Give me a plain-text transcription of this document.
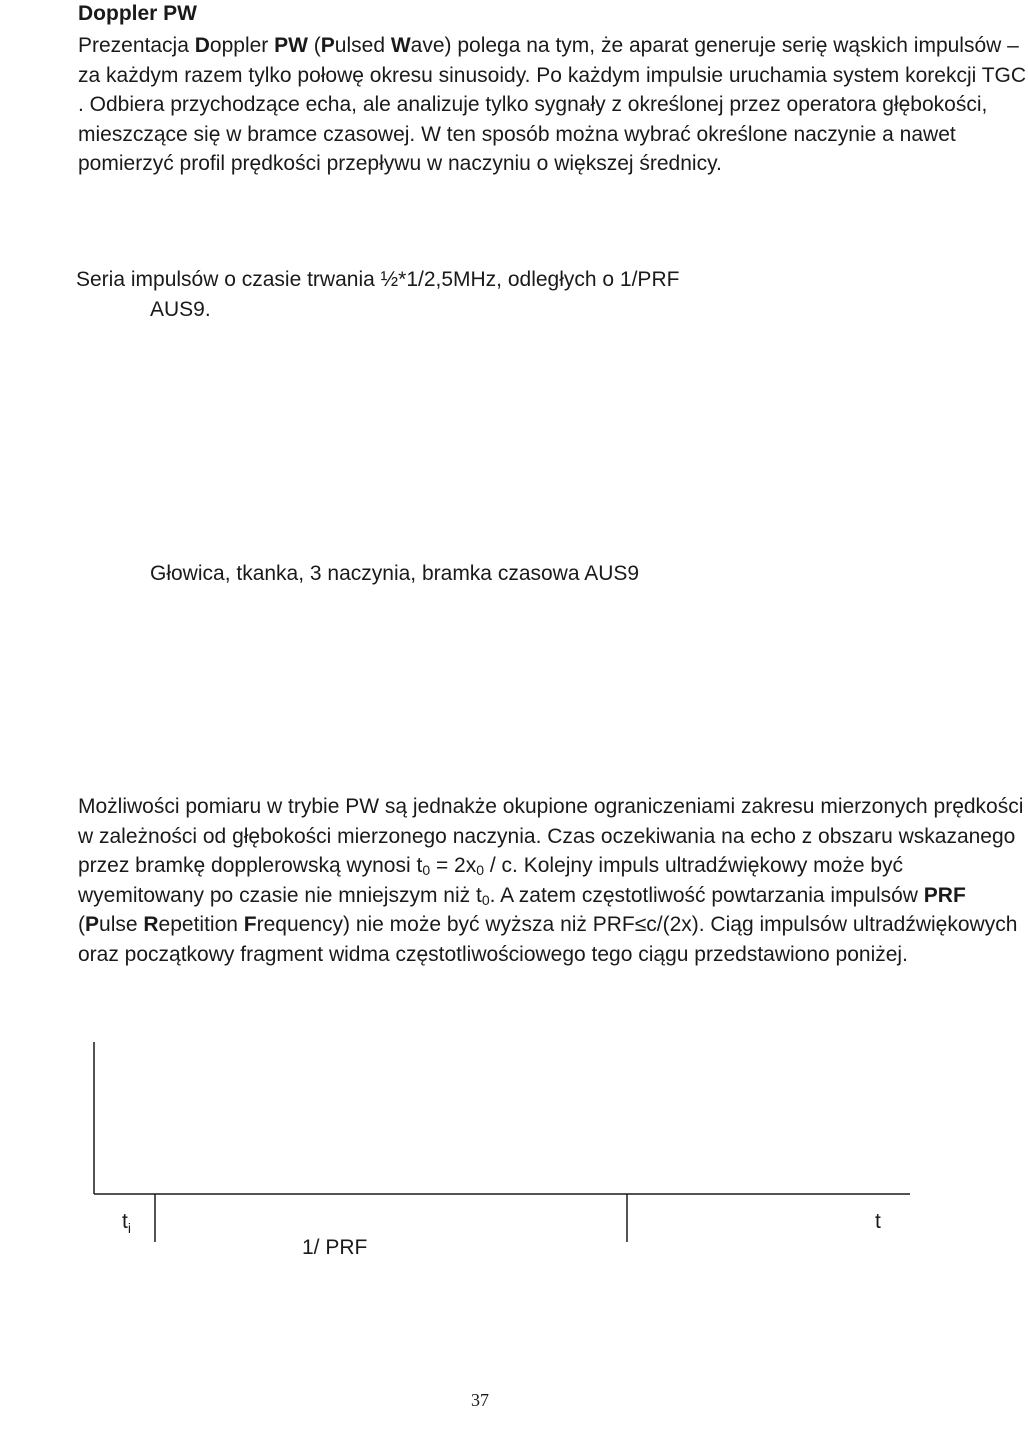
Doppler PW

Prezentacja Doppler PW (Pulsed Wave) polega na tym, że aparat generuje serię wąskich impulsów – za każdym razem tylko połowę okresu sinusoidy. Po każdym impulsie uruchamia system korekcji TGC . Odbiera przychodzące echa, ale analizuje tylko sygnały z określonej przez operatora głębokości, mieszczące się w bramce czasowej. W ten sposób można wybrać określone naczynie a nawet pomierzyć profil prędkości przepływu w naczyniu o większej średnicy.

Seria impulsów o czasie trwania ½*1/2,5MHz, odległych o 1/PRF
AUS9.
Głowica, tkanka, 3 naczynia, bramka czasowa AUS9

Możliwości pomiaru w trybie PW są jednakże okupione ograniczeniami zakresu mierzonych prędkości w zależności od głębokości mierzonego naczynia. Czas oczekiwania na echo z obszaru wskazanego przez bramkę dopplerowską wynosi $t_0 = 2x_0 / c$. Kolejny impuls ultradźwiękowy może być wyemitowany po czasie nie mniejszym niż $t_0$. A zatem częstotliwość powtarzania impulsów PRF (Pulse Repetition Frequency) nie może być wyższa niż PRF≤c/(2x). Ciąg impulsów ultradźwiękowych oraz początkowy fragment widma częstotliwościowego tego ciągu przedstawiono poniżej.

$t_i$
1/ PRF
t
37
